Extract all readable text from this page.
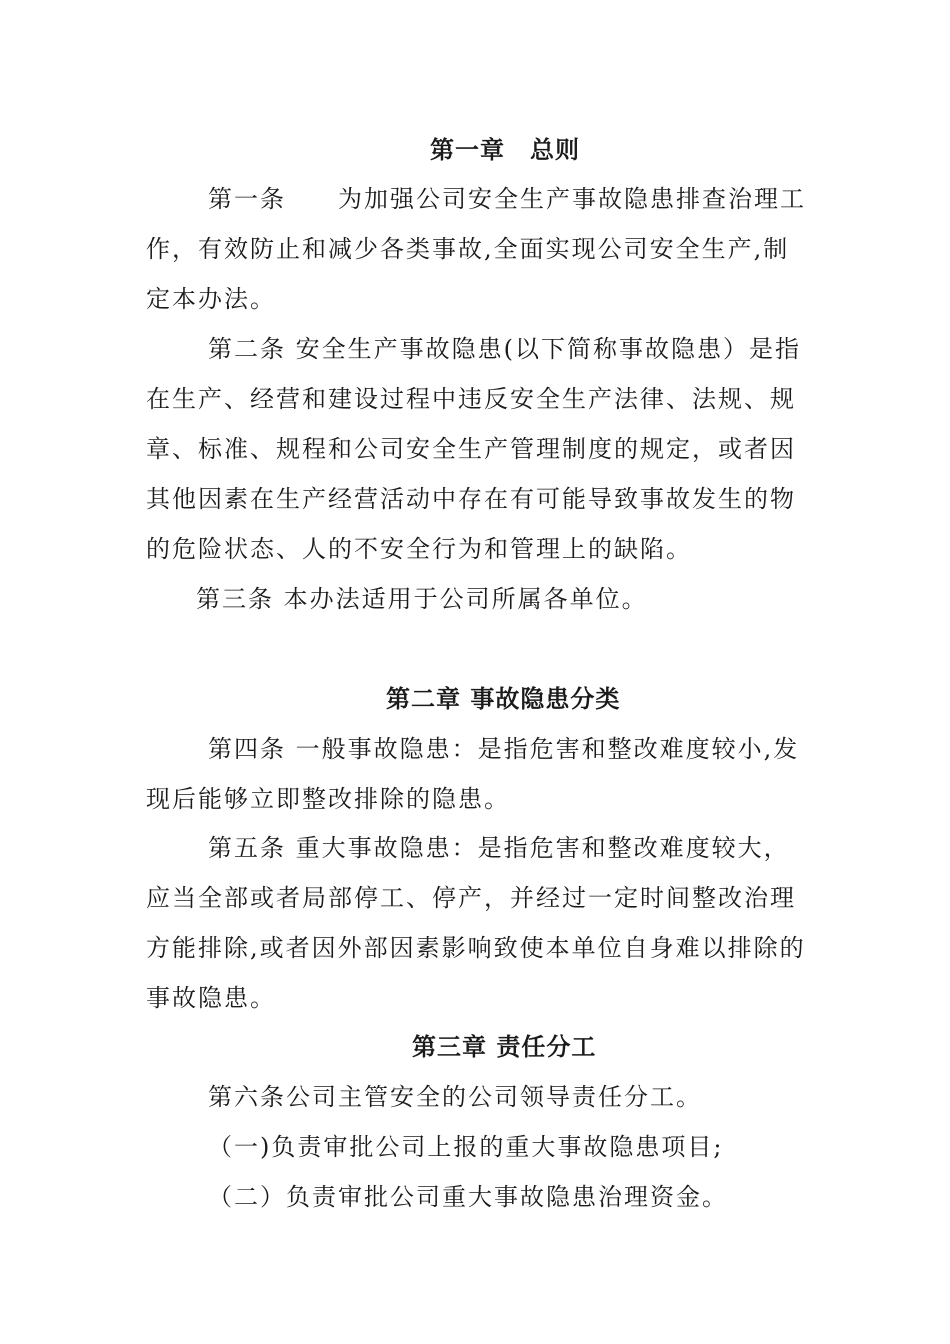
第一章　总则
第一条　　为加强公司安全生产事故隐患排查治理工
作，有效防止和减少各类事故,全面实现公司安全生产,制
定本办法。
第二条 安全生产事故隐患(以下简称事故隐患）是指
在生产、经营和建设过程中违反安全生产法律、法规、规
章、标准、规程和公司安全生产管理制度的规定，或者因
其他因素在生产经营活动中存在有可能导致事故发生的物
的危险状态、人的不安全行为和管理上的缺陷。
第三条 本办法适用于公司所属各单位。
第二章 事故隐患分类
第四条 一般事故隐患：是指危害和整改难度较小,发
现后能够立即整改排除的隐患。
第五条 重大事故隐患：是指危害和整改难度较大，
应当全部或者局部停工、停产，并经过一定时间整改治理
方能排除,或者因外部因素影响致使本单位自身难以排除的
事故隐患。
第三章 责任分工
第六条公司主管安全的公司领导责任分工。
（一)负责审批公司上报的重大事故隐患项目;
（二）负责审批公司重大事故隐患治理资金。
